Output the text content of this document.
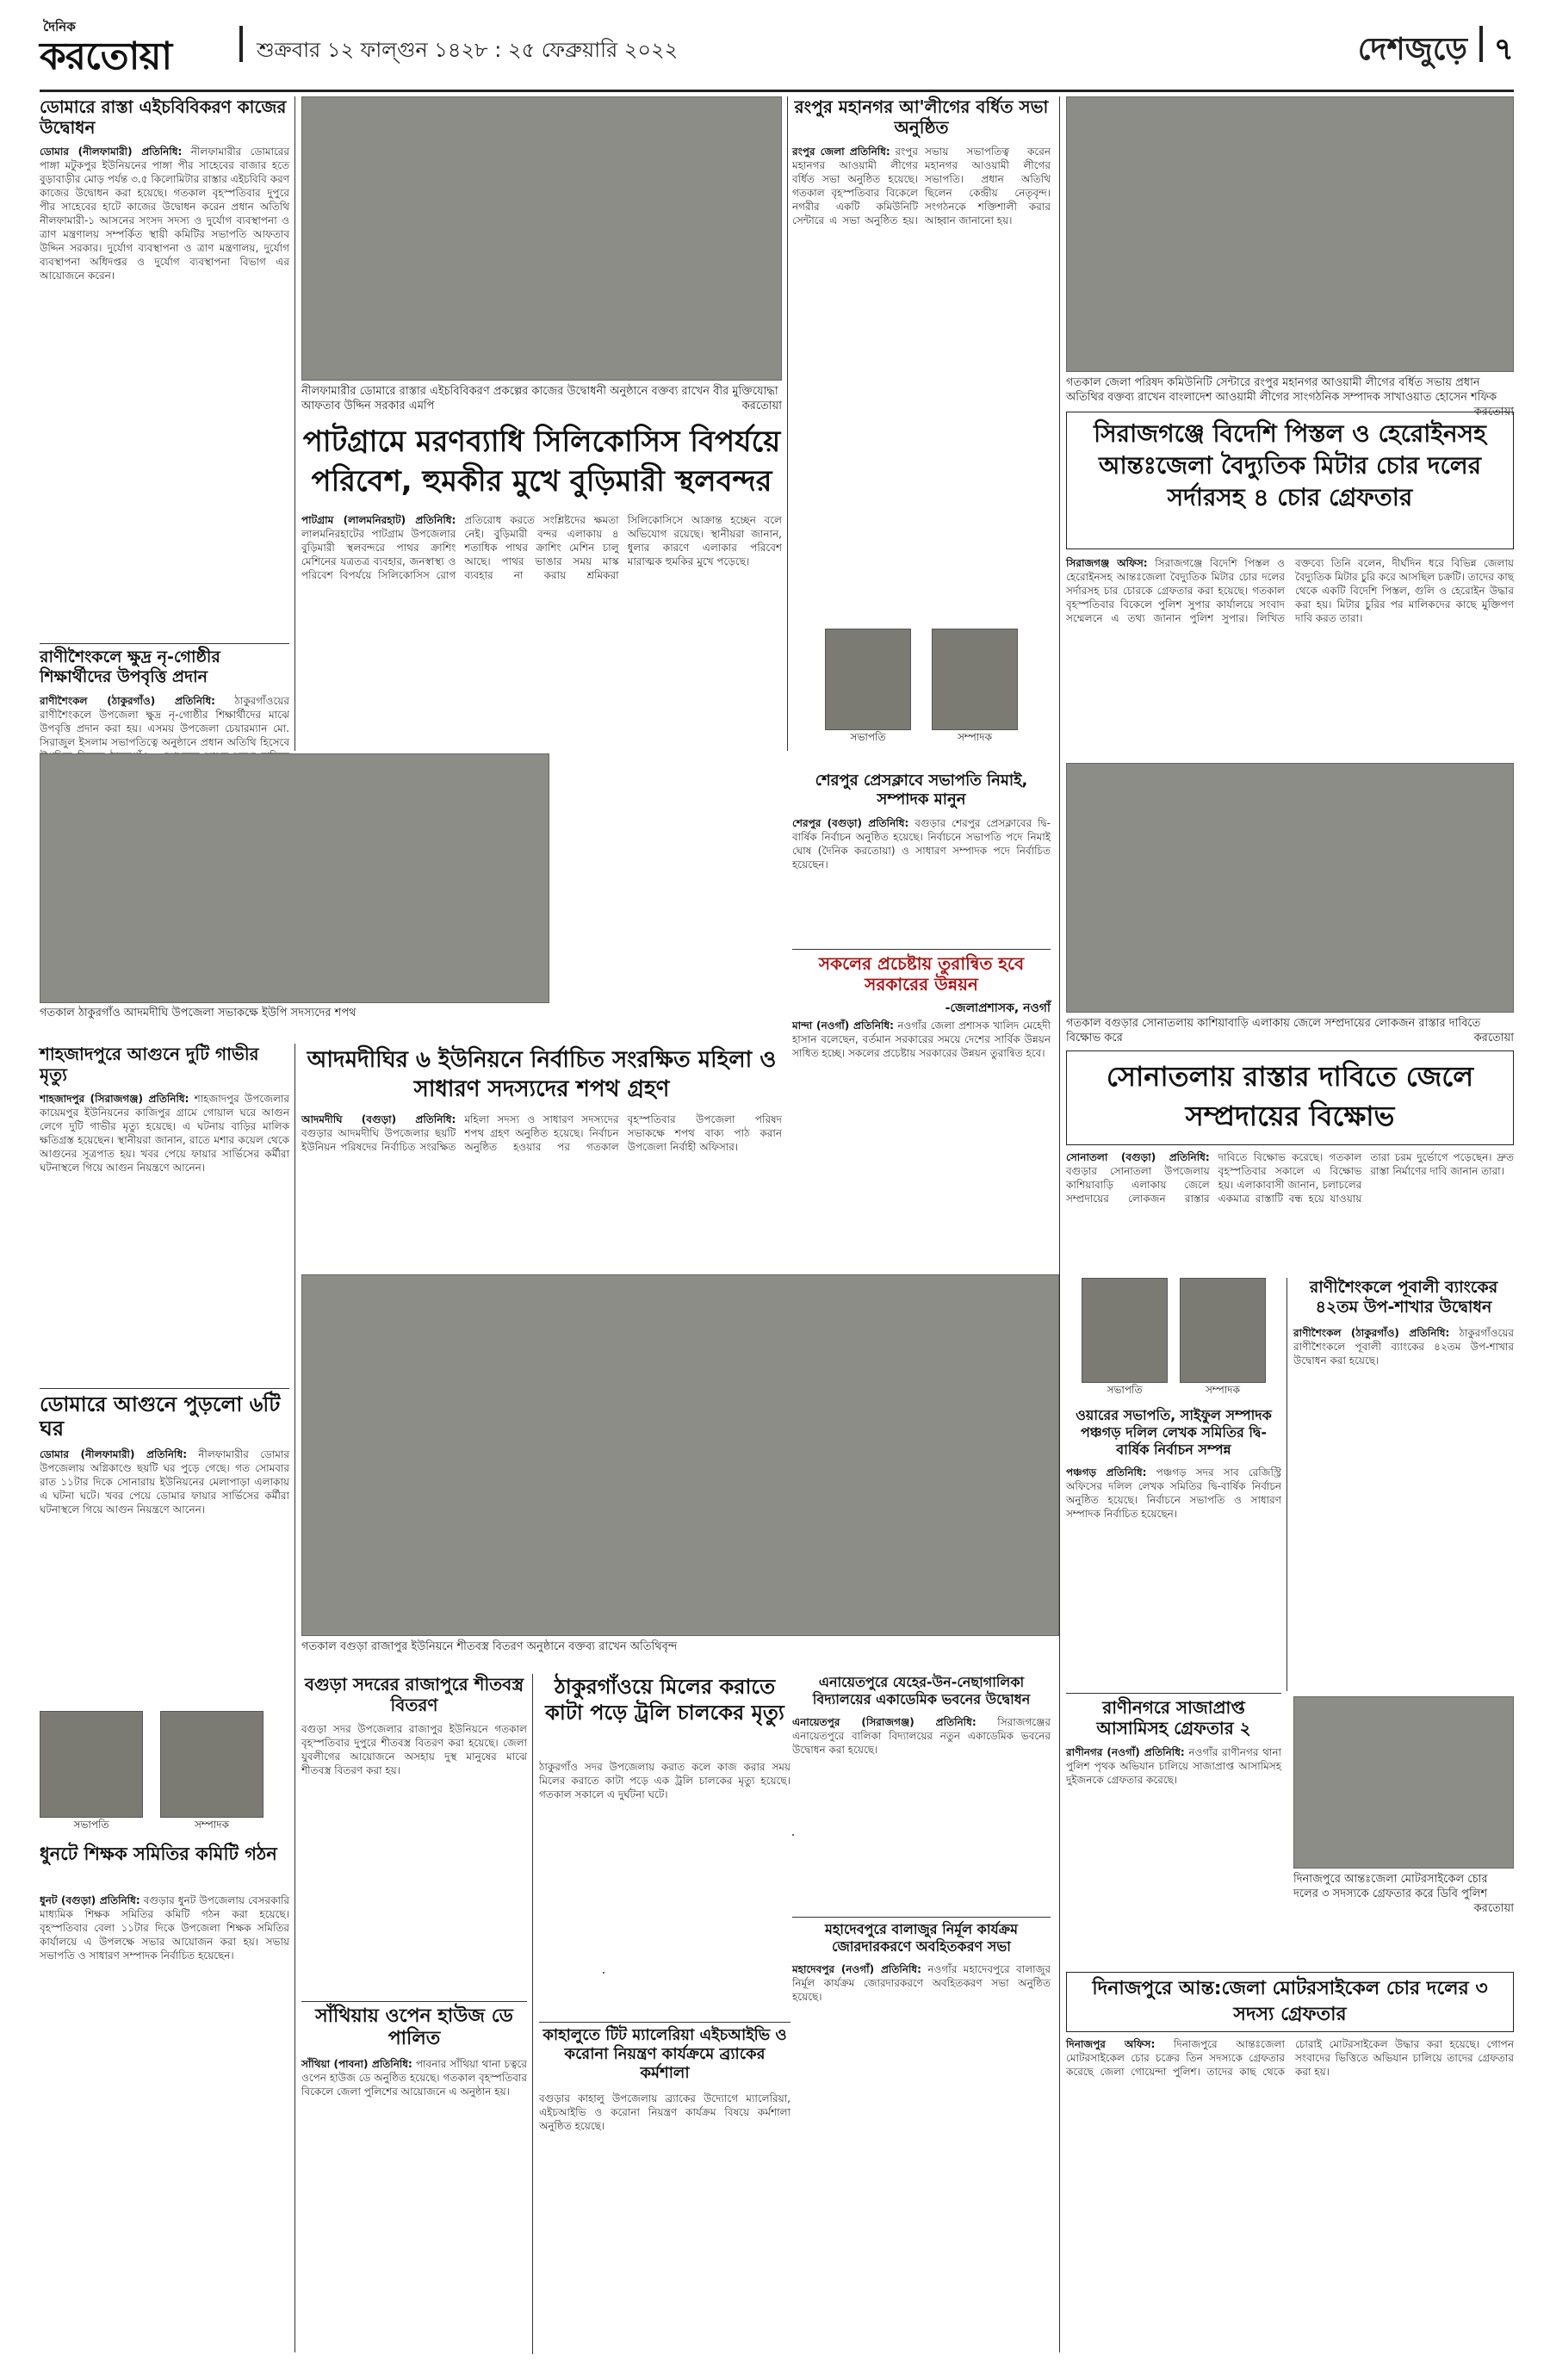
দৈনিক
করতোয়া	শুক্রবার ১২ ফাল্গুন ১৪২৮ : ২৫ ফেব্রুয়ারি ২০২২	দেশজুড়ে ৭
ডোমারে রাস্তা এইচবিবিকরণ কাজের উদ্বোধন
ডোমার (নীলফামারী) প্রতিনিধি: নীলফামারীর ডোমারের পাঙ্গা মটুকপুর ইউনিয়নের পাঙ্গা পীর সাহেবের বাজার হতে বুড়াবাড়ীর মোড় পর্যন্ত ৩.৫ কিলোমিটার রাস্তার এইচবিবি করণ কাজের উদ্বোধন করা হয়েছে। গতকাল বৃহস্পতিবার দুপুরে পীর সাহেবের হাটে কাজের উদ্বোধন করেন প্রধান অতিথি নীলফামারী-১ আসনের সংসদ সদস্য ও দুর্যোগ ব্যবস্থাপনা ও ত্রাণ মন্ত্রণালয় সম্পর্কিত স্থায়ী কমিটির সভাপতি আফতাব উদ্দিন সরকার। দুর্যোগ ব্যবস্থাপনা ও ত্রাণ মন্ত্রণালয়, দুর্যোগ ব্যবস্থাপনা অধিদপ্তর ও দুর্যোগ ব্যবস্থাপনা বিভাগ এর আয়োজনে করেন।
রাণীশৈংকলে ক্ষুদ্র নৃ-গোষ্ঠীর শিক্ষার্থীদের উপবৃত্তি প্রদান
রাণীশৈংকল (ঠাকুরগাঁও) প্রতিনিধি: ঠাকুরগাঁওয়ের রাণীশৈংকলে উপজেলা ক্ষুদ্র নৃ-গোষ্ঠীর শিক্ষার্থীদের মাঝে উপবৃত্তি প্রদান করা হয়। এসময় উপজেলা চেয়ারম্যান মো. সিরাজুল ইসলাম সভাপতিত্বে অনুষ্ঠানে প্রধান অতিথি হিসেবে
গতকাল ঠাকুরগাঁও আদমদীঘি উপজেলা সভাকক্ষে ইউপি সদস্যদের শপথ
শাহজাদপুরে আগুনে দুটি গাভীর মৃত্যু
শাহজাদপুর (সিরাজগঞ্জ) প্রতিনিধি: শাহজাদপুর উপজেলার কায়েমপুর ইউনিয়নের কাজিপুর গ্রামে গোয়াল ঘরে আগুন লেগে দুটি গাভীর মৃত্যু হয়েছে। এ ঘটনায় বাড়ির মালিক ক্ষতিগ্রস্ত হয়েছেন। স্থানীয়রা জানান, রাতে মশার কয়েল থেকে আগুনের সূত্রপাত হয়। খবর পেয়ে ফায়ার সার্ভিসের কর্মীরা ঘটনাস্থলে গিয়ে আগুন নিয়ন্ত্রণে আনেন।
ডোমারে আগুনে পুড়লো ৬টি ঘর
ডোমার (নীলফামারী) প্রতিনিধি: নীলফামারীর ডোমার উপজেলায় অগ্নিকাণ্ডে ছয়টি ঘর পুড়ে গেছে। গত সোমবার রাত ১১টার দিকে সোনারায় ইউনিয়নের মেলাপাড়া এলাকায় এ ঘটনা ঘটে। খবর পেয়ে ডোমার ফায়ার সার্ভিসের কর্মীরা ঘটনাস্থলে গিয়ে আগুন নিয়ন্ত্রণে আনেন।
সভাপতি	সম্পাদক
ধুনটে শিক্ষক সমিতির কমিটি গঠন
ধুনট (বগুড়া) প্রতিনিধি: বগুড়ার ধুনট উপজেলায় বেসরকারি মাধ্যমিক শিক্ষক সমিতির কমিটি গঠন করা হয়েছে। বৃহস্পতিবার বেলা ১১টার দিকে উপজেলা শিক্ষক সমিতির কার্যালয়ে এ উপলক্ষে সভার আয়োজন করা হয়। সভায় সভাপতি ও সাধারণ সম্পাদক নির্বাচিত হয়েছেন।
নীলফামারীর ডোমারে রাস্তার এইচবিবিকরণ প্রকল্পের কাজের উদ্বোধনী অনুষ্ঠানে বক্তব্য রাখেন বীর মুক্তিযোদ্ধা আফতাব উদ্দিন সরকার এমপি	করতোয়া
পাটগ্রামে মরণব্যাধি সিলিকোসিস বিপর্যয়ে পরিবেশ, হুমকীর মুখে বুড়িমারী স্থলবন্দর
পাটগ্রাম (লালমনিরহাট) প্রতিনিধি: লালমনিরহাটের পাটগ্রাম উপজেলার বুড়িমারী স্থলবন্দরে পাথর ক্রাশিং মেশিনের যত্রতত্র ব্যবহার, জনস্বাস্থ্য ও পরিবেশ বিপর্যয়ে সিলিকোসিস রোগ প্রতিরোধ করতে সংশ্লিষ্টদের ক্ষমতা নেই। বুড়িমারী বন্দর এলাকায় ৪ শতাধিক পাথর ক্রাশিং মেশিন চালু আছে। পাথর ভাঙার সময় মাস্ক ব্যবহার না করায় শ্রমিকরা সিলিকোসিসে আক্রান্ত হচ্ছেন বলে অভিযোগ রয়েছে। স্থানীয়রা জানান, ধুলার কারণে এলাকার পরিবেশ মারাত্মক হুমকির মুখে পড়েছে।
আদমদীঘির ৬ ইউনিয়নে নির্বাচিত সংরক্ষিত মহিলা ও সাধারণ সদস্যদের শপথ গ্রহণ
আদমদীঘি (বগুড়া) প্রতিনিধি: বগুড়ার আদমদীঘি উপজেলার ছয়টি ইউনিয়ন পরিষদের নির্বাচিত সংরক্ষিত মহিলা সদস্য ও সাধারণ সদস্যদের শপথ গ্রহণ অনুষ্ঠিত হয়েছে। নির্বাচন অনুষ্ঠিত হওয়ার পর গতকাল বৃহস্পতিবার উপজেলা পরিষদ সভাকক্ষে শপথ বাক্য পাঠ করান উপজেলা নির্বাহী অফিসার।
গতকাল বগুড়া রাজাপুর ইউনিয়নে শীতবস্ত্র বিতরণ অনুষ্ঠানে বক্তব্য রাখেন অতিথিবৃন্দ
বগুড়া সদরের রাজাপুরে শীতবস্ত্র বিতরণ
বগুড়া সদর উপজেলার রাজাপুর ইউনিয়নে গতকাল বৃহস্পতিবার দুপুরে শীতবস্ত্র বিতরণ করা হয়েছে। জেলা যুবলীগের আয়োজনে অসহায় দুস্থ মানুষের মাঝে শীতবস্ত্র বিতরণ করা হয়।
সাঁথিয়ায় ওপেন হাউজ ডে পালিত
সাঁথিয়া (পাবনা) প্রতিনিধি: পাবনার সাঁথিয়া থানা চত্বরে ওপেন হাউজ ডে অনুষ্ঠিত হয়েছে। গতকাল বৃহস্পতিবার বিকেলে জেলা পুলিশের আয়োজনে এ অনুষ্ঠান হয়।
ঠাকুরগাঁওয়ে মিলের করাতে কাটা পড়ে ট্রলি চালকের মৃত্যু
ঠাকুরগাঁও সদর উপজেলায় করাত কলে কাজ করার সময় মিলের করাতে কাটা পড়ে এক ট্রলি চালকের মৃত্যু হয়েছে। গতকাল সকালে এ দুর্ঘটনা ঘটে।
কাহালুতে টিট ম্যালেরিয়া এইচআইভি ও করোনা নিয়ন্ত্রণ কার্যক্রমে ব্র্যাকের কর্মশালা
বগুড়ার কাহালু উপজেলায় ব্র্যাকের উদ্যোগে ম্যালেরিয়া, এইচআইভি ও করোনা নিয়ন্ত্রণ কার্যক্রম বিষয়ে কর্মশালা অনুষ্ঠিত হয়েছে।
রংপুর মহানগর আ'লীগের বর্ধিত সভা অনুষ্ঠিত
রংপুর জেলা প্রতিনিধি: রংপুর মহানগর আওয়ামী লীগের বর্ধিত সভা অনুষ্ঠিত হয়েছে। গতকাল বৃহস্পতিবার বিকেলে নগরীর একটি কমিউনিটি সেন্টারে এ সভা অনুষ্ঠিত হয়। সভায় সভাপতিত্ব করেন মহানগর আওয়ামী লীগের সভাপতি। প্রধান অতিথি ছিলেন কেন্দ্রীয় নেতৃবৃন্দ। সংগঠনকে শক্তিশালী করার আহ্বান জানানো হয়।
সভাপতি	সম্পাদক
শেরপুর প্রেসক্লাবে সভাপতি নিমাই, সম্পাদক মানুন
শেরপুর (বগুড়া) প্রতিনিধি: বগুড়ার শেরপুর প্রেসক্লাবের দ্বি-বার্ষিক নির্বাচন অনুষ্ঠিত হয়েছে। নির্বাচনে সভাপতি পদে নিমাই ঘোষ (দৈনিক করতোয়া) ও সাধারণ সম্পাদক পদে নির্বাচিত হয়েছেন।
সকলের প্রচেষ্টায় তুরান্বিত হবে সরকারের উন্নয়ন
-জেলাপ্রশাসক, নওগাঁ
মান্দা (নওগাঁ) প্রতিনিধি: নওগাঁর জেলা প্রশাসক খালিদ মেহেদী হাসান বলেছেন, বর্তমান সরকারের সময়ে দেশের সার্বিক উন্নয়ন সাধিত হচ্ছে। সকলের প্রচেষ্টায় সরকারের উন্নয়ন তুরান্বিত হবে।
এনায়েতপুরে যেহের-উন-নেছাগালিকা বিদ্যালয়ের একাডেমিক ভবনের উদ্বোধন
এনায়েতপুর (সিরাজগঞ্জ) প্রতিনিধি: সিরাজগঞ্জের এনায়েতপুরে বালিকা বিদ্যালয়ের নতুন একাডেমিক ভবনের উদ্বোধন করা হয়েছে।
মহাদেবপুরে বালাজুর নির্মূল কার্যক্রম জোরদারকরণে অবহিতকরণ সভা
মহাদেবপুর (নওগাঁ) প্রতিনিধি: নওগাঁর মহাদেবপুরে বালাজুর নির্মূল কার্যক্রম জোরদারকরণে অবহিতকরণ সভা অনুষ্ঠিত হয়েছে।
গতকাল জেলা পরিষদ কমিউনিটি সেন্টারে রংপুর মহানগর আওয়ামী লীগের বর্ধিত সভায় প্রধান অতিথির বক্তব্য রাখেন বাংলাদেশ আওয়ামী লীগের সাংগঠনিক সম্পাদক সাখাওয়াত হোসেন শফিক
করতোয়া
সিরাজগঞ্জে বিদেশি পিস্তল ও হেরোইনসহ আন্তঃজেলা বৈদ্যুতিক মিটার চোর দলের সর্দারসহ ৪ চোর গ্রেফতার
সিরাজগঞ্জ অফিস: সিরাজগঞ্জে বিদেশি পিস্তল ও হেরোইনসহ আন্তঃজেলা বৈদ্যুতিক মিটার চোর দলের সর্দারসহ চার চোরকে গ্রেফতার করা হয়েছে। গতকাল বৃহস্পতিবার বিকেলে পুলিশ সুপার কার্যালয়ে সংবাদ সম্মেলনে এ তথ্য জানান পুলিশ সুপার। লিখিত বক্তব্যে তিনি বলেন, দীর্ঘদিন ধরে বিভিন্ন জেলায় বৈদ্যুতিক মিটার চুরি করে আসছিল চক্রটি। তাদের কাছ থেকে একটি বিদেশি পিস্তল, গুলি ও হেরোইন উদ্ধার করা হয়। মিটার চুরির পর মালিকদের কাছে মুক্তিপণ দাবি করত তারা।
গতকাল বগুড়ার সোনাতলায় কাশিয়াবাড়ি এলাকায় জেলে সম্প্রদায়ের লোকজন রাস্তার দাবিতে বিক্ষোভ করে	করতোয়া
সোনাতলায় রাস্তার দাবিতে জেলে সম্প্রদায়ের বিক্ষোভ
সোনাতলা (বগুড়া) প্রতিনিধি: বগুড়ার সোনাতলা উপজেলায় কাশিয়াবাড়ি এলাকায় জেলে সম্প্রদায়ের লোকজন রাস্তার দাবিতে বিক্ষোভ করেছে। গতকাল বৃহস্পতিবার সকালে এ বিক্ষোভ হয়। এলাকাবাসী জানান, চলাচলের একমাত্র রাস্তাটি বন্ধ হয়ে যাওয়ায় তারা চরম দুর্ভোগে পড়েছেন। দ্রুত রাস্তা নির্মাণের দাবি জানান তারা।
সভাপতি	সম্পাদক
ওয়ারের সভাপতি, সাইফুল সম্পাদক পঞ্চগড় দলিল লেখক সমিতির দ্বি-বার্ষিক নির্বাচন সম্পন্ন
পঞ্চগড় প্রতিনিধি: পঞ্চগড় সদর সাব রেজিস্ট্রি অফিসের দলিল লেখক সমিতির দ্বি-বার্ষিক নির্বাচন অনুষ্ঠিত হয়েছে। নির্বাচনে সভাপতি ও সাধারণ সম্পাদক নির্বাচিত হয়েছেন।
রাণীনগরে সাজাপ্রাপ্ত আসামিসহ গ্রেফতার ২
রাণীনগর (নওগাঁ) প্রতিনিধি: নওগাঁর রাণীনগর থানা পুলিশ পৃথক অভিযান চালিয়ে সাজাপ্রাপ্ত আসামিসহ দুইজনকে গ্রেফতার করেছে।
রাণীশৈংকলে পূবালী ব্যাংকের ৪২তম উপ-শাখার উদ্বোধন
রাণীশৈংকল (ঠাকুরগাঁও) প্রতিনিধি: ঠাকুরগাঁওয়ের রাণীশৈংকলে পূবালী ব্যাংকের ৪২তম উপ-শাখার উদ্বোধন করা হয়েছে।
দিনাজপুরে আন্তঃজেলা মোটরসাইকেল চোর দলের ৩ সদস্যকে গ্রেফতার করে ডিবি পুলিশ
করতোয়া
দিনাজপুরে আন্ত:জেলা মোটরসাইকেল চোর দলের ৩ সদস্য গ্রেফতার
দিনাজপুর অফিস: দিনাজপুরে আন্তঃজেলা মোটরসাইকেল চোর চক্রের তিন সদস্যকে গ্রেফতার করেছে জেলা গোয়েন্দা পুলিশ। তাদের কাছ থেকে চোরাই মোটরসাইকেল উদ্ধার করা হয়েছে। গোপন সংবাদের ভিত্তিতে অভিযান চালিয়ে তাদের গ্রেফতার করা হয়।
